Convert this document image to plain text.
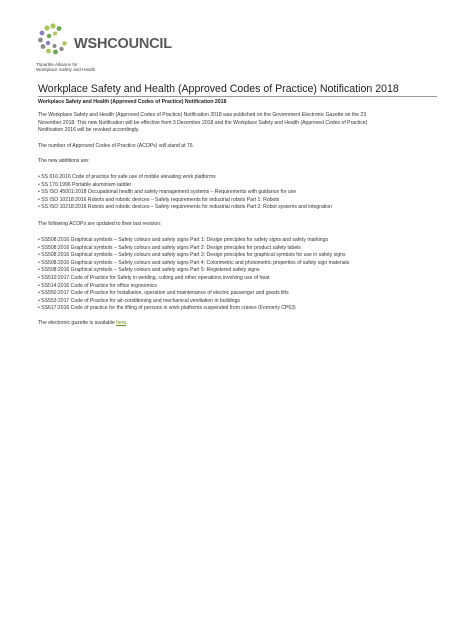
WSHCOUNCIL
Tripartite Alliance for
Workplace Safety and Health
Workplace Safety and Health (Approved Codes of Practice) Notification 2018
Workplace Safety and Health (Approved Codes of Practice) Notification 2018

The Workplace Safety and Health (Approved Codes of Practice) Notification 2018 was published on the Government Electronic Gazette on the 23

November 2018. This new Notification will be effective from 3 December 2018 and the Workplace Safety and Health (Approved Codes of Practice)

Notification 2016 will be revoked accordingly.

The number of Approved Codes of Practice (ACOPs) will stand at 76.

The new additions are:

• SS 616:2016 Code of practice for safe use of mobile elevating work platforms
• SS 176:1996 Portable aluminium ladder
• SS ISO 45001:2018 Occupational health and safety management systems – Requirements with guidance for use
• SS ISO 10218:2016 Robots and robotic devices – Safety requirements for industrial robots Part 1: Robots
• SS ISO 10218:2016 Robots and robotic devices – Safety requirements for industrial robots Part 2: Robot systems and integration

The following ACOPs are updated to their last revision:

• SS508:2016 Graphical symbols – Safety colours and safety signs Part 1: Design principles for safety signs and safety markings
• SS508:2016 Graphical symbols – Safety colours and safety signs Part 2: Design principles for product safety labels
• SS508:2016 Graphical symbols – Safety colours and safety signs Part 3: Design principles for graphical symbols for use in safety signs
• SS508:2016 Graphical symbols – Safety colours and safety signs Part 4: Colorimetric and photometric properties of safety sign materials
• SS508:2016 Graphical symbols – Safety colours and safety signs Part 5: Registered safety signs
• SS510:2017 Code of Practice for Safety in welding, cutting and other operations involving use of heat
• SS514:2016 Code of Practice for office ergonomics
• SS550:2017 Code of Practice for Installation, operation and maintenance of electric passenger and goods lifts
• SS553:2017 Code of Practice for air-conditioning and mechanical ventilation in buildings
• SS617:2016 Code of practice for the lifting of persons in work platforms suspended from cranes (Formerly CP63)

The electronic gazette is available here.
